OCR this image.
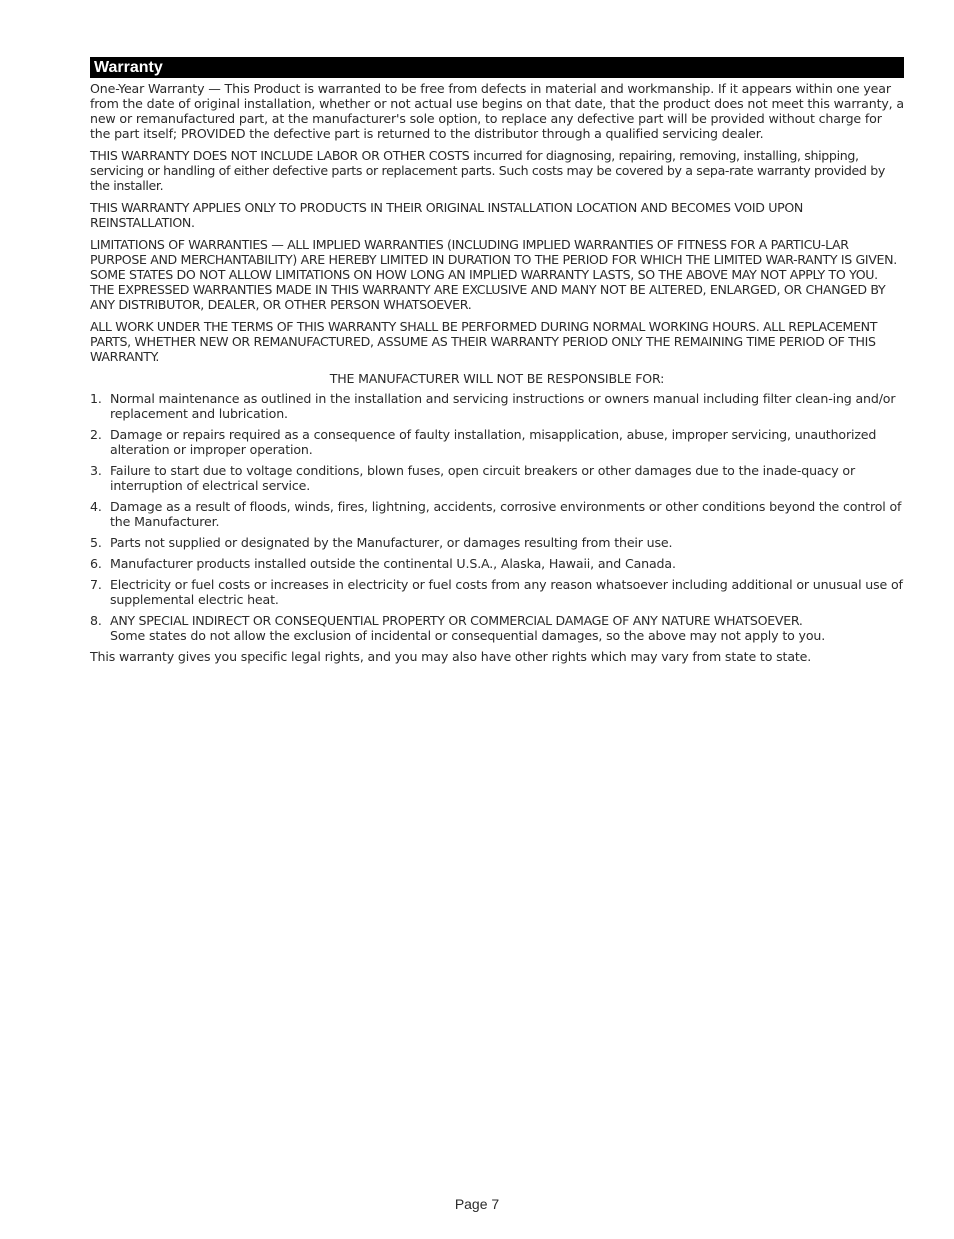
Warranty

One-Year Warranty — This Product is warranted to be free from defects in material and workmanship. If it appears within one year from the date of original installation, whether or not actual use begins on that date, that the product does not meet this warranty, a new or remanufactured part, at the manufacturer's sole option, to replace any defective part will be provided without charge for the part itself; PROVIDED the defective part is returned to the distributor through a qualified servicing dealer.

THIS WARRANTY DOES NOT INCLUDE LABOR OR OTHER COSTS incurred for diagnosing, repairing, removing, installing, shipping, servicing or handling of either defective parts or replacement parts. Such costs may be covered by a sepa-rate warranty provided by the installer.

THIS WARRANTY APPLIES ONLY TO PRODUCTS IN THEIR ORIGINAL INSTALLATION LOCATION AND BECOMES VOID UPON REINSTALLATION.

LIMITATIONS OF WARRANTIES — ALL IMPLIED WARRANTIES (INCLUDING IMPLIED WARRANTIES OF FITNESS FOR A PARTICU-LAR PURPOSE AND MERCHANTABILITY) ARE HEREBY LIMITED IN DURATION TO THE PERIOD FOR WHICH THE LIMITED WAR-RANTY IS GIVEN. SOME STATES DO NOT ALLOW LIMITATIONS ON HOW LONG AN IMPLIED WARRANTY LASTS, SO THE ABOVE MAY NOT APPLY TO YOU. THE EXPRESSED WARRANTIES MADE IN THIS WARRANTY ARE EXCLUSIVE AND MANY NOT BE ALTERED, ENLARGED, OR CHANGED BY ANY DISTRIBUTOR, DEALER, OR OTHER PERSON WHATSOEVER.

ALL WORK UNDER THE TERMS OF THIS WARRANTY SHALL BE PERFORMED DURING NORMAL WORKING HOURS. ALL REPLACEMENT PARTS, WHETHER NEW OR REMANUFACTURED, ASSUME AS THEIR WARRANTY PERIOD ONLY THE REMAINING TIME PERIOD OF THIS WARRANTY.

THE MANUFACTURER WILL NOT BE RESPONSIBLE FOR:
1. Normal maintenance as outlined in the installation and servicing instructions or owners manual including filter clean-ing and/or replacement and lubrication.
2. Damage or repairs required as a consequence of faulty installation, misapplication, abuse, improper servicing, unauthorized alteration or improper operation.
3. Failure to start due to voltage conditions, blown fuses, open circuit breakers or other damages due to the inade-quacy or interruption of electrical service.
4. Damage as a result of floods, winds, fires, lightning, accidents, corrosive environments or other conditions beyond the control of the Manufacturer.
5. Parts not supplied or designated by the Manufacturer, or damages resulting from their use.
6. Manufacturer products installed outside the continental U.S.A., Alaska, Hawaii, and Canada.
7. Electricity or fuel costs or increases in electricity or fuel costs from any reason whatsoever including additional or unusual use of supplemental electric heat.
8. ANY SPECIAL INDIRECT OR CONSEQUENTIAL PROPERTY OR COMMERCIAL DAMAGE OF ANY NATURE WHATSOEVER.
Some states do not allow the exclusion of incidental or consequential damages, so the above may not apply to you.

This warranty gives you specific legal rights, and you may also have other rights which may vary from state to state.

Page 7
